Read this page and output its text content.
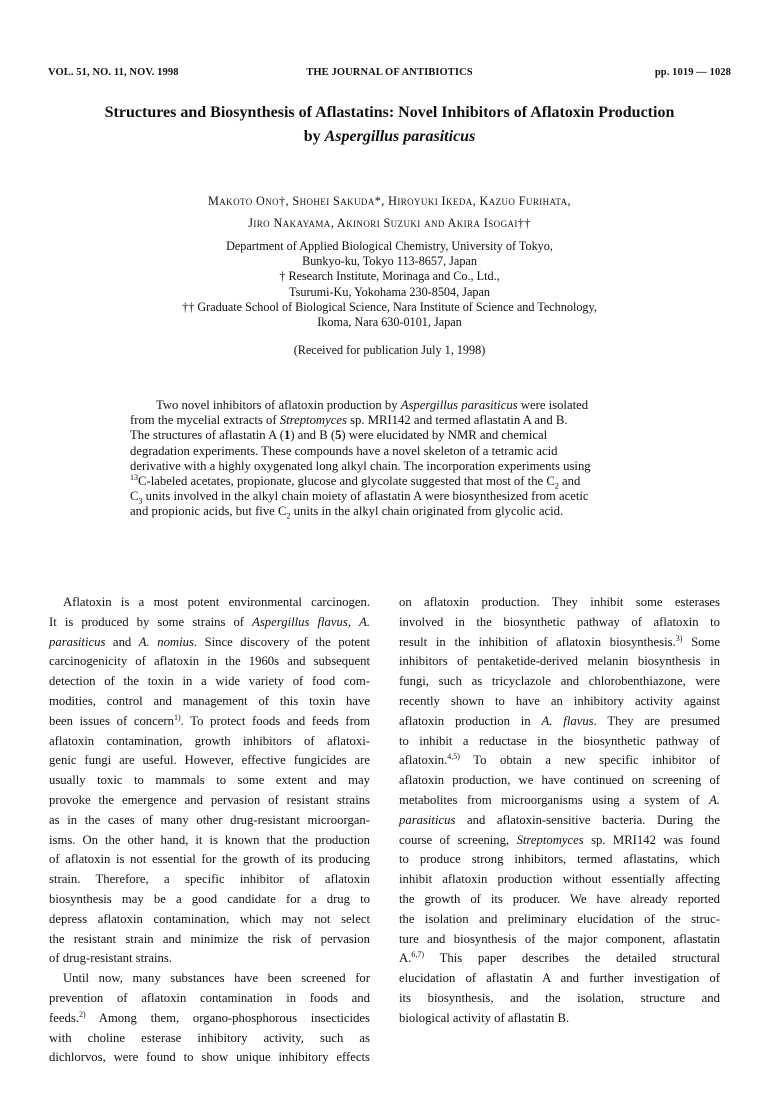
VOL. 51, NO. 11, NOV. 1998	THE JOURNAL OF ANTIBIOTICS	pp. 1019 — 1028
Structures and Biosynthesis of Aflastatins: Novel Inhibitors of Aflatoxin Production
by Aspergillus parasiticus
Makoto Ono†, Shohei Sakuda*, Hiroyuki Ikeda, Kazuo Furihata,
Jiro Nakayama, Akinori Suzuki and Akira Isogai††
Department of Applied Biological Chemistry, University of Tokyo,
Bunkyo-ku, Tokyo 113-8657, Japan
† Research Institute, Morinaga and Co., Ltd.,
Tsurumi-Ku, Yokohama 230-8504, Japan
†† Graduate School of Biological Science, Nara Institute of Science and Technology,
Ikoma, Nara 630-0101, Japan
(Received for publication July 1, 1998)
Two novel inhibitors of aflatoxin production by Aspergillus parasiticus were isolated
from the mycelial extracts of Streptomyces sp. MRI142 and termed aflastatin A and B.
The structures of aflastatin A (1) and B (5) were elucidated by NMR and chemical
degradation experiments. These compounds have a novel skeleton of a tetramic acid
derivative with a highly oxygenated long alkyl chain. The incorporation experiments using
$^{13}$C-labeled acetates, propionate, glucose and glycolate suggested that most of the $C_2$ and
$C_3$ units involved in the alkyl chain moiety of aflastatin A were biosynthesized from acetic
and propionic acids, but five $C_2$ units in the alkyl chain originated from glycolic acid.
Aflatoxin is a most potent environmental carcinogen.
It is produced by some strains of Aspergillus flavus, A.
parasiticus and A. nomius. Since discovery of the potent
carcinogenicity of aflatoxin in the 1960s and subsequent
detection of the toxin in a wide variety of food com-
modities, control and management of this toxin have
been issues of concern$^{1)}$. To protect foods and feeds from
aflatoxin contamination, growth inhibitors of aflatoxi-
genic fungi are useful. However, effective fungicides are
usually toxic to mammals to some extent and may
provoke the emergence and pervasion of resistant strains
as in the cases of many other drug-resistant microorgan-
isms. On the other hand, it is known that the production
of aflatoxin is not essential for the growth of its producing
strain. Therefore, a specific inhibitor of aflatoxin
biosynthesis may be a good candidate for a drug to
depress aflatoxin contamination, which may not select
the resistant strain and minimize the risk of pervasion
of drug-resistant strains.
Until now, many substances have been screened for
prevention of aflatoxin contamination in foods and
feeds.$^{2)}$ Among them, organo-phosphorous insecticides
with choline esterase inhibitory activity, such as
dichlorvos, were found to show unique inhibitory effects
on aflatoxin production. They inhibit some esterases
involved in the biosynthetic pathway of aflatoxin to
result in the inhibition of aflatoxin biosynthesis.$^{3)}$ Some
inhibitors of pentaketide-derived melanin biosynthesis in
fungi, such as tricyclazole and chlorobenthiazone, were
recently shown to have an inhibitory activity against
aflatoxin production in A. flavus. They are presumed
to inhibit a reductase in the biosynthetic pathway of
aflatoxin.$^{4,5)}$ To obtain a new specific inhibitor of
aflatoxin production, we have continued on screening of
metabolites from microorganisms using a system of A.
parasiticus and aflatoxin-sensitive bacteria. During the
course of screening, Streptomyces sp. MRI142 was found
to produce strong inhibitors, termed aflastatins, which
inhibit aflatoxin production without essentially affecting
the growth of its producer. We have already reported
the isolation and preliminary elucidation of the struc-
ture and biosynthesis of the major component, aflastatin
A.$^{6,7)}$ This paper describes the detailed structural
elucidation of aflastatin A and further investigation of
its biosynthesis, and the isolation, structure and
biological activity of aflastatin B.
